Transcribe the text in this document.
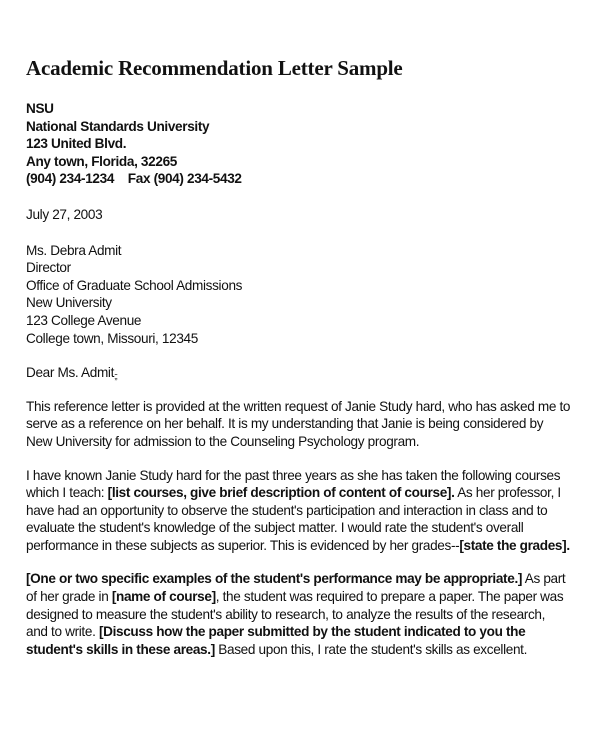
Academic Recommendation Letter Sample
NSU
National Standards University
123 United Blvd.
Any town, Florida, 32265
(904) 234-1234 Fax (904) 234-5432
July 27, 2003
Ms. Debra Admit
Director
Office of Graduate School Admissions
New University
123 College Avenue
College town, Missouri, 12345
Dear Ms. Admit;;
This reference letter is provided at the written request of Janie Study hard, who has asked me to
serve as a reference on her behalf. It is my understanding that Janie is being considered by
New University for admission to the Counseling Psychology program.
I have known Janie Study hard for the past three years as she has taken the following courses
which I teach: [list courses, give brief description of content of course]. As her professor, I
have had an opportunity to observe the student's participation and interaction in class and to
evaluate the student's knowledge of the subject matter. I would rate the student's overall
performance in these subjects as superior. This is evidenced by her grades--[state the grades].
[One or two specific examples of the student's performance may be appropriate.] As part
of her grade in [name of course], the student was required to prepare a paper. The paper was
designed to measure the student's ability to research, to analyze the results of the research,
and to write. [Discuss how the paper submitted by the student indicated to you the
student's skills in these areas.] Based upon this, I rate the student's skills as excellent.
